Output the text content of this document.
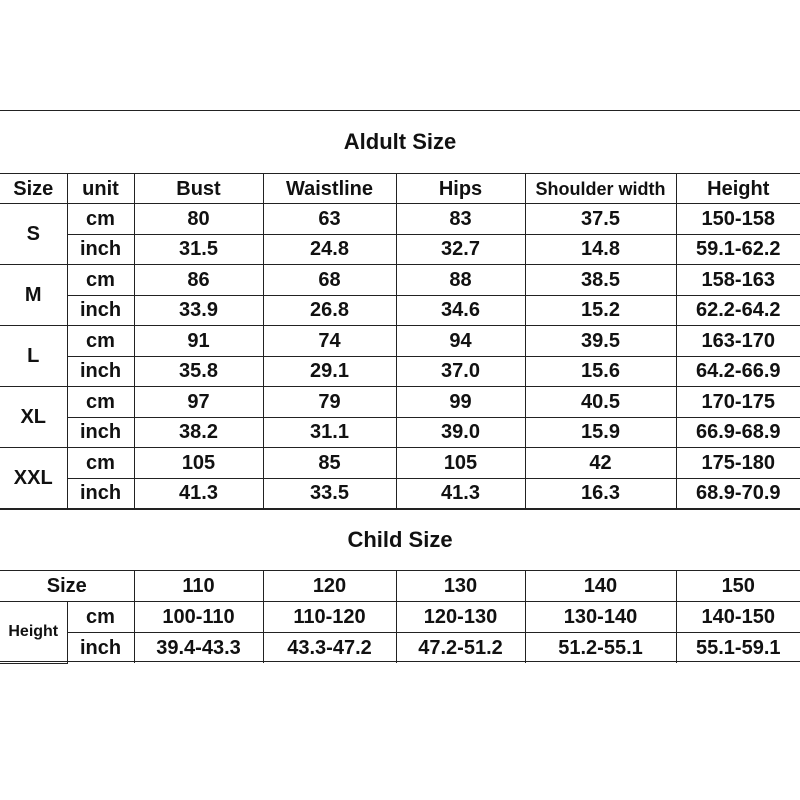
Aldult Size						
Size	unit	Bust	Waistline	Hips	Shoulder width	Height
S	cm	80	63	83	37.5	150-158
	inch	31.5	24.8	32.7	14.8	59.1-62.2
M	cm	86	68	88	38.5	158-163
	inch	33.9	26.8	34.6	15.2	62.2-64.2
L	cm	91	74	94	39.5	163-170
	inch	35.8	29.1	37.0	15.6	64.2-66.9
XL	cm	97	79	99	40.5	170-175
	inch	38.2	31.1	39.0	15.9	66.9-68.9
XXL	cm	105	85	105	42	175-180
	inch	41.3	33.5	41.3	16.3	68.9-70.9
Child Size						
Size		110	120	130	140	150
Height	cm	100-110	110-120	120-130	130-140	140-150
	inch	39.4-43.3	43.3-47.2	47.2-51.2	51.2-55.1	55.1-59.1
